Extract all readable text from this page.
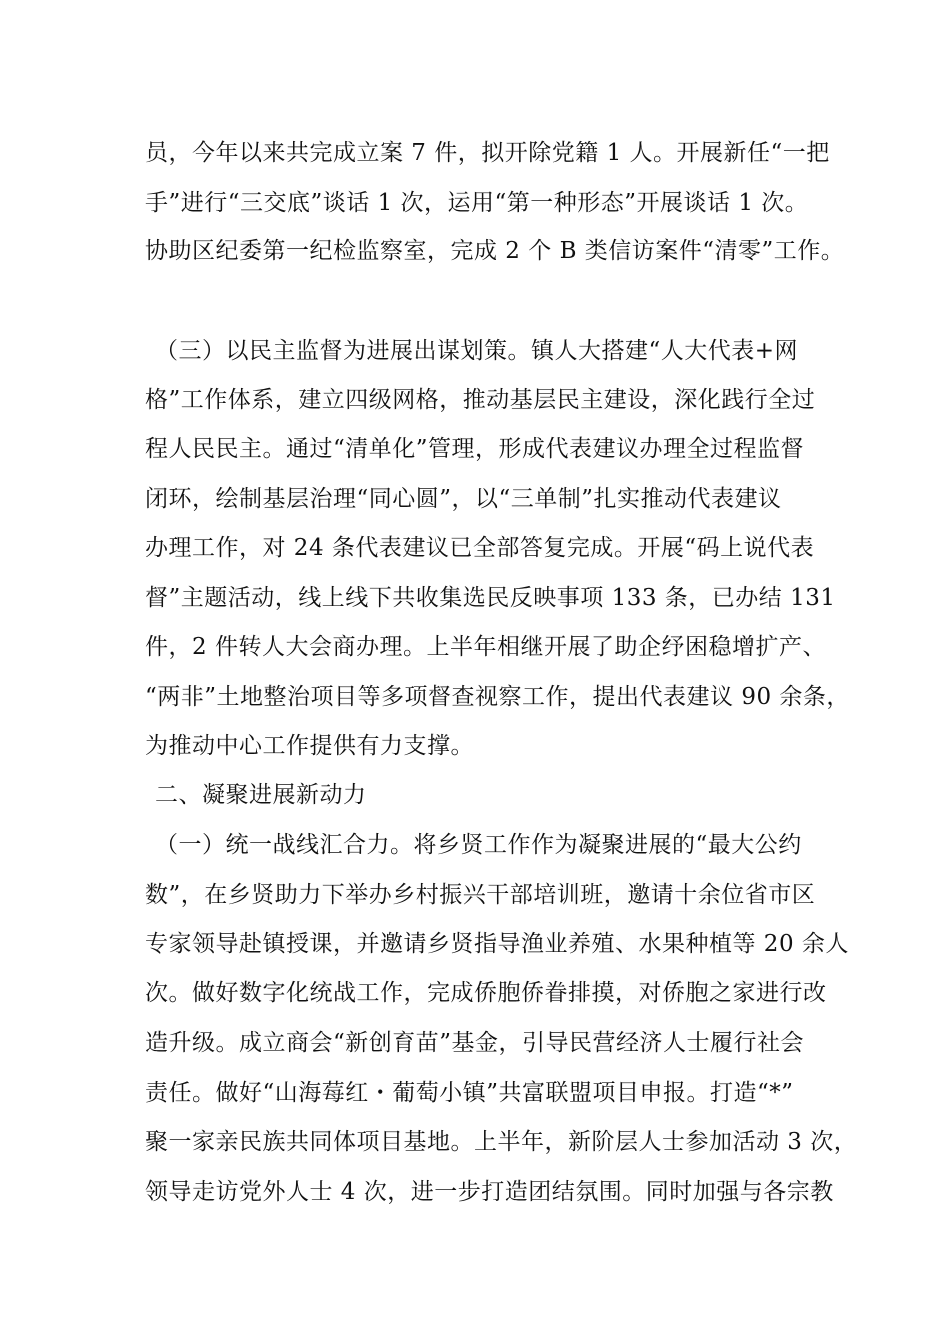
员，今年以来共完成立案 7 件，拟开除党籍 1 人。开展新任“一把
手”进行“三交底”谈话 1 次，运用“第一种形态”开展谈话 1 次。
协助区纪委第一纪检监察室，完成 2 个 B 类信访案件“清零”工作。
（三）以民主监督为进展出谋划策。镇人大搭建“人大代表+网
格”工作体系，建立四级网格，推动基层民主建设，深化践行全过
程人民民主。通过“清单化”管理，形成代表建议办理全过程监督
闭环，绘制基层治理“同心圆”，以“三单制”扎实推动代表建议
办理工作，对 24 条代表建议已全部答复完成。开展“码上说代表
督”主题活动，线上线下共收集选民反映事项 133 条，已办结 131
件，2 件转人大会商办理。上半年相继开展了助企纾困稳增扩产、
“两非”土地整治项目等多项督查视察工作，提出代表建议 90 余条，
为推动中心工作提供有力支撑。
二、凝聚进展新动力
（一）统一战线汇合力。将乡贤工作作为凝聚进展的“最大公约
数”，在乡贤助力下举办乡村振兴干部培训班，邀请十余位省市区
专家领导赴镇授课，并邀请乡贤指导渔业养殖、水果种植等 20 余人
次。做好数字化统战工作，完成侨胞侨眷排摸，对侨胞之家进行改
造升级。成立商会“新创育苗”基金，引导民营经济人士履行社会
责任。做好“山海莓红・葡萄小镇”共富联盟项目申报。打造“*”
聚一家亲民族共同体项目基地。上半年，新阶层人士参加活动 3 次，
领导走访党外人士 4 次，进一步打造团结氛围。同时加强与各宗教
